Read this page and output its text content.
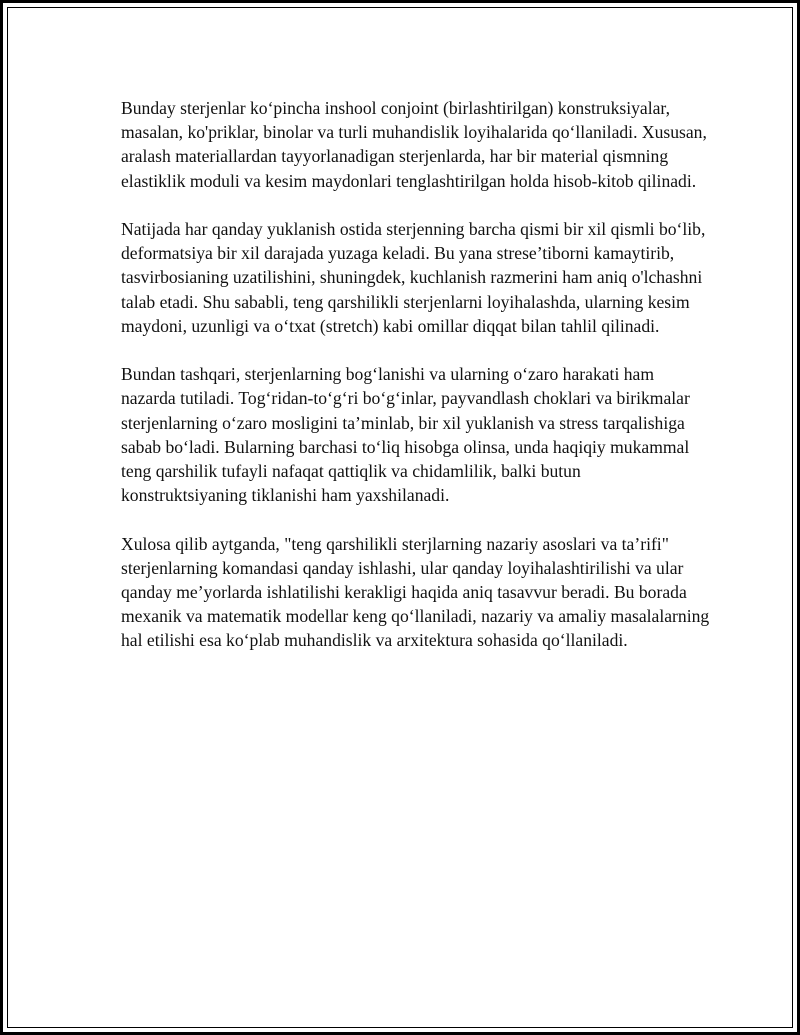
Bunday sterjenlar ko‘pincha inshool conjoint (birlashtirilgan) konstruksiyalar, masalan, ko'priklar, binolar va turli muhandislik loyihalarida qo‘llaniladi. Xususan, aralash materiallardan tayyorlanadigan sterjenlarda, har bir material qismning elastiklik moduli va kesim maydonlari tenglashtirilgan holda hisob-kitob qilinadi.

Natijada har qanday yuklanish ostida sterjenning barcha qismi bir xil qismli bo‘lib, deformatsiya bir xil darajada yuzaga keladi. Bu yana strese’tiborni kamaytirib, tasvirbosianing uzatilishini, shuningdek, kuchlanish razmerini ham aniq o'lchashni talab etadi. Shu sababli, teng qarshilikli sterjenlarni loyihalashda, ularning kesim maydoni, uzunligi va o‘txat (stretch) kabi omillar diqqat bilan tahlil qilinadi.

Bundan tashqari, sterjenlarning bog‘lanishi va ularning o‘zaro harakati ham nazarda tutiladi. Tog‘ridan-to‘g‘ri bo‘g‘inlar, payvandlash choklari va birikmalar sterjenlarning o‘zaro mosligini ta’minlab, bir xil yuklanish va stress tarqalishiga sabab bo‘ladi. Bularning barchasi to‘liq hisobga olinsa, unda haqiqiy mukammal teng qarshilik tufayli nafaqat qattiqlik va chidamlilik, balki butun konstruktsiyaning tiklanishi ham yaxshilanadi.

Xulosa qilib aytganda, "teng qarshilikli sterjlarning nazariy asoslari va ta’rifi" sterjenlarning komandasi qanday ishlashi, ular qanday loyihalashtirilishi va ular qanday me’yorlarda ishlatilishi kerakligi haqida aniq tasavvur beradi. Bu borada mexanik va matematik modellar keng qo‘llaniladi, nazariy va amaliy masalalarning hal etilishi esa ko‘plab muhandislik va arxitektura sohasida qo‘llaniladi.
